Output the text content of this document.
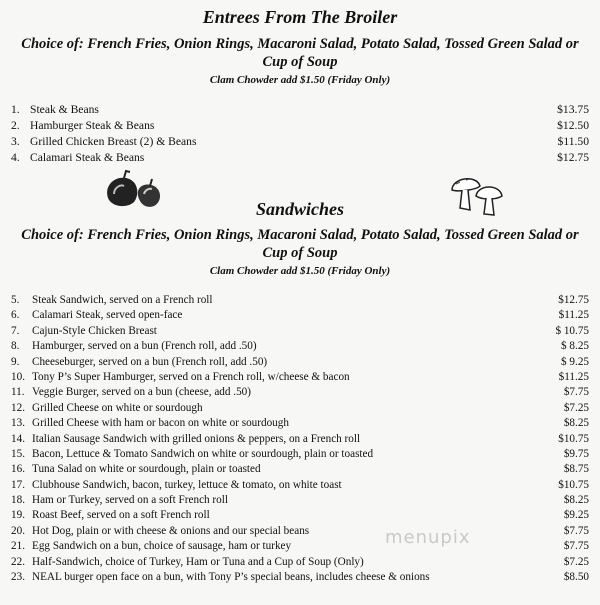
Entrees From The Broiler
Choice of: French Fries, Onion Rings, Macaroni Salad, Potato Salad, Tossed Green Salad or
Cup of Soup
Clam Chowder add $1.50 (Friday Only)
1. Steak & Beans	$13.75
2. Hamburger Steak & Beans	$12.50
3. Grilled Chicken Breast (2) & Beans	$11.50
4. Calamari Steak & Beans	$12.75
Sandwiches
Choice of: French Fries, Onion Rings, Macaroni Salad, Potato Salad, Tossed Green Salad or
Cup of Soup
Clam Chowder add $1.50 (Friday Only)
5. Steak Sandwich, served on a French roll	$12.75
6. Calamari Steak, served open-face	$11.25
7. Cajun-Style Chicken Breast	$ 10.75
8. Hamburger, served on a bun (French roll, add .50)	$ 8.25
9. Cheeseburger, served on a bun (French roll, add .50)	$ 9.25
10. Tony P’s Super Hamburger, served on a French roll, w/cheese & bacon	$11.25
11. Veggie Burger, served on a bun (cheese, add .50)	$7.75
12. Grilled Cheese on white or sourdough	$7.25
13. Grilled Cheese with ham or bacon on white or sourdough	$8.25
14. Italian Sausage Sandwich with grilled onions & peppers, on a French roll	$10.75
15. Bacon, Lettuce & Tomato Sandwich on white or sourdough, plain or toasted	$9.75
16. Tuna Salad on white or sourdough, plain or toasted	$8.75
17. Clubhouse Sandwich, bacon, turkey, lettuce & tomato, on white toast	$10.75
18. Ham or Turkey, served on a soft French roll	$8.25
19. Roast Beef, served on a soft French roll	$9.25
20. Hot Dog, plain or with cheese & onions and our special beans	$7.75
21. Egg Sandwich on a bun, choice of sausage, ham or turkey	$7.75
22. Half-Sandwich, choice of Turkey, Ham or Tuna and a Cup of Soup (Only)	$7.25
23. NEAL burger open face on a bun, with Tony P’s special beans, includes cheese & onions	$8.50
menupix
